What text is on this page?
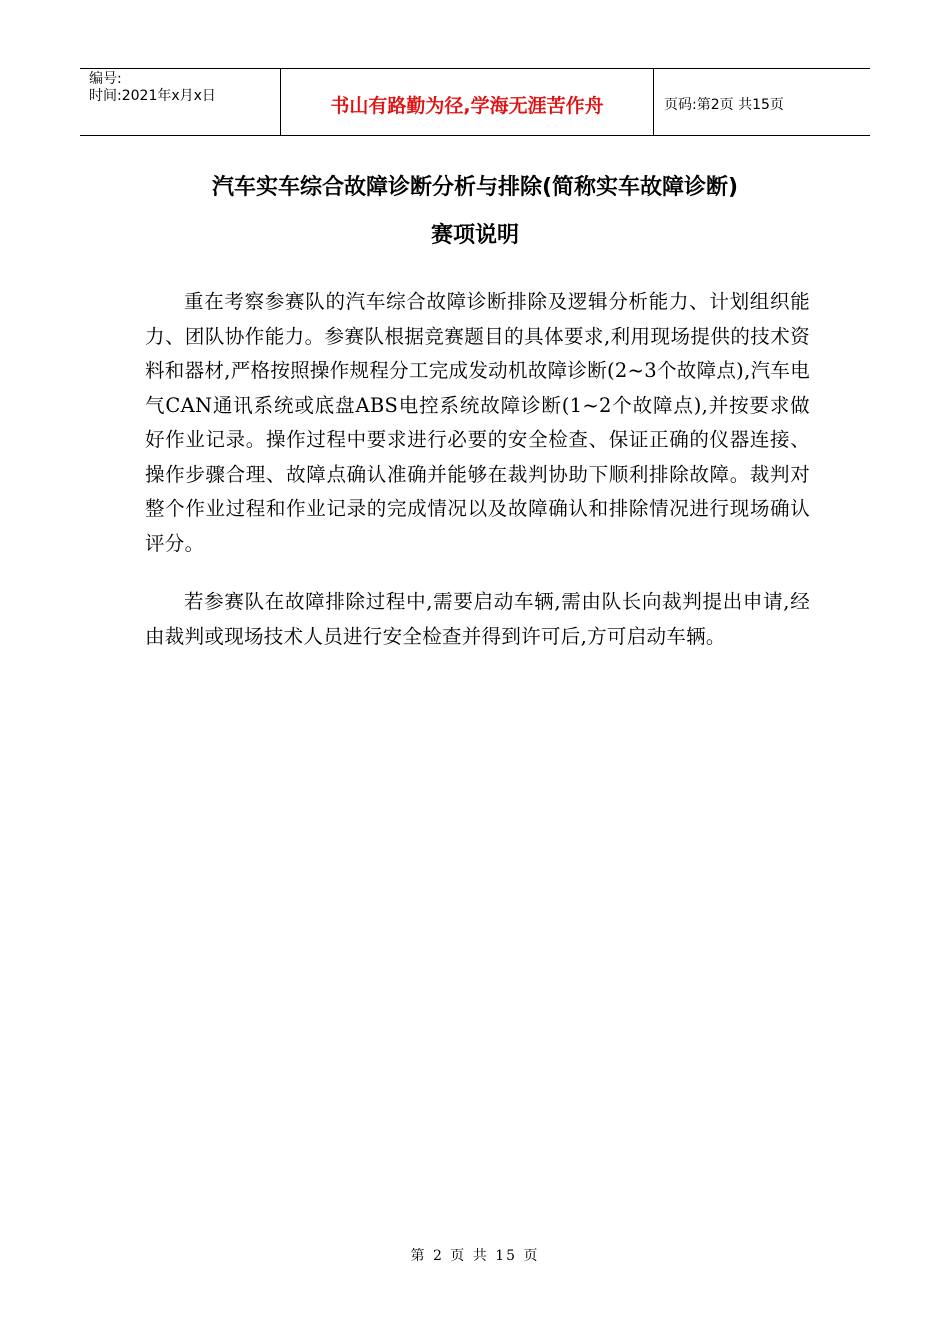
编号:
时间:2021年x月x日	书山有路勤为径,学海无涯苦作舟	页码:第2页 共15页
汽车实车综合故障诊断分析与排除(简称实车故障诊断)
赛项说明

重在考察参赛队的汽车综合故障诊断排除及逻辑分析能力、计划组织能力、团队协作能力。参赛队根据竞赛题目的具体要求,利用现场提供的技术资料和器材,严格按照操作规程分工完成发动机故障诊断(2~3个故障点),汽车电气CAN通讯系统或底盘ABS电控系统故障诊断(1~2个故障点),并按要求做好作业记录。操作过程中要求进行必要的安全检查、保证正确的仪器连接、操作步骤合理、故障点确认准确并能够在裁判协助下顺利排除故障。裁判对整个作业过程和作业记录的完成情况以及故障确认和排除情况进行现场确认评分。

若参赛队在故障排除过程中,需要启动车辆,需由队长向裁判提出申请,经由裁判或现场技术人员进行安全检查并得到许可后,方可启动车辆。

第 2 页 共 15 页
